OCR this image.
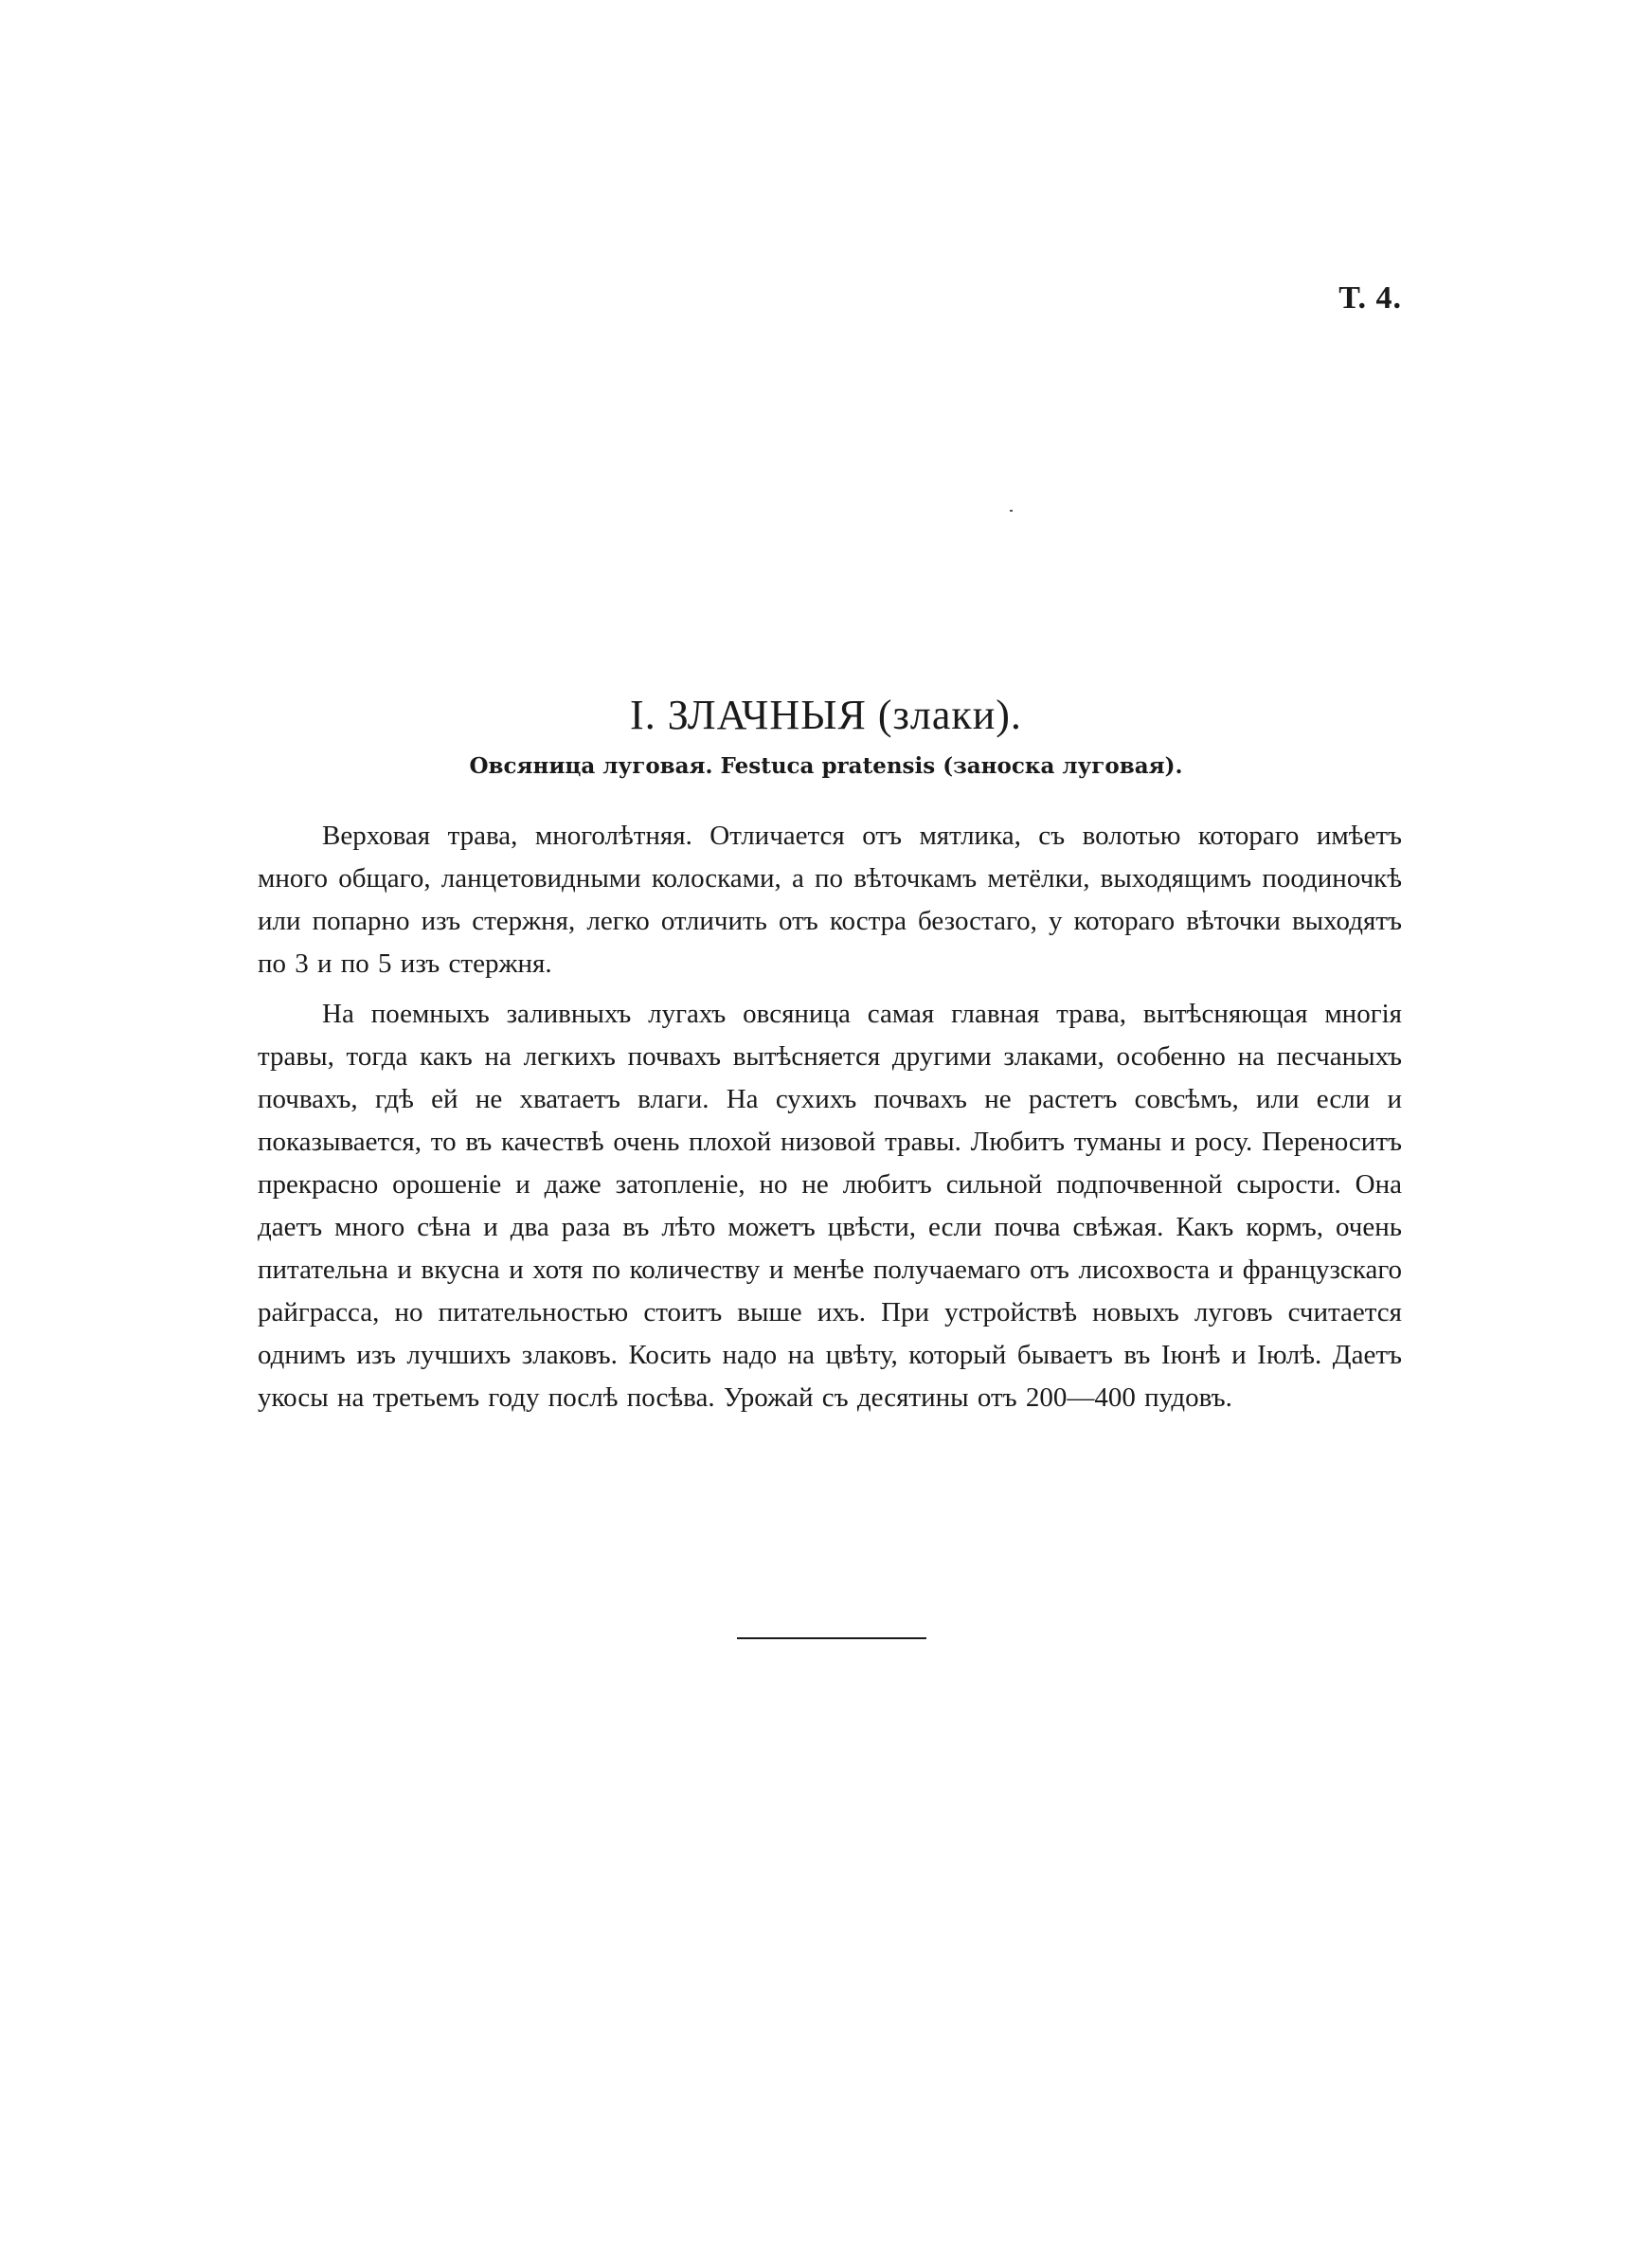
Т. 4.
I. ЗЛАЧНЫЯ (злаки).
Овсяница луговая. Festuca pratensis (заноска луговая).

Верховая трава, многолѣтняя. Отличается отъ мятлика, съ волотью котораго имѣетъ много общаго, ланцетовидными колосками, а по вѣточкамъ метёлки, выходящимъ поодиночкѣ или попарно изъ стержня, легко отличить отъ костра безостаго, у котораго вѣточки выходятъ по 3 и по 5 изъ стержня.

На поемныхъ заливныхъ лугахъ овсяница самая главная трава, вытѣсняющая многія травы, тогда какъ на легкихъ почвахъ вытѣсняется другими злаками, особенно на песчаныхъ почвахъ, гдѣ ей не хватаетъ влаги. На сухихъ почвахъ не растетъ совсѣмъ, или если и показывается, то въ качествѣ очень плохой низовой травы. Любитъ туманы и росу. Переноситъ прекрасно орошеніе и даже затопленіе, но не любитъ сильной подпочвенной сырости. Она даетъ много сѣна и два раза въ лѣто можетъ цвѣсти, если почва свѣжая. Какъ кормъ, очень питательна и вкусна и хотя по количеству и менѣе получаемаго отъ лисохвоста и французскаго райграсса, но питательностью стоитъ выше ихъ. При устройствѣ новыхъ луговъ считается однимъ изъ лучшихъ злаковъ. Косить надо на цвѣту, который бываетъ въ Іюнѣ и Іюлѣ. Даетъ укосы на третьемъ году послѣ посѣва. Урожай съ десятины отъ 200—400 пудовъ.
